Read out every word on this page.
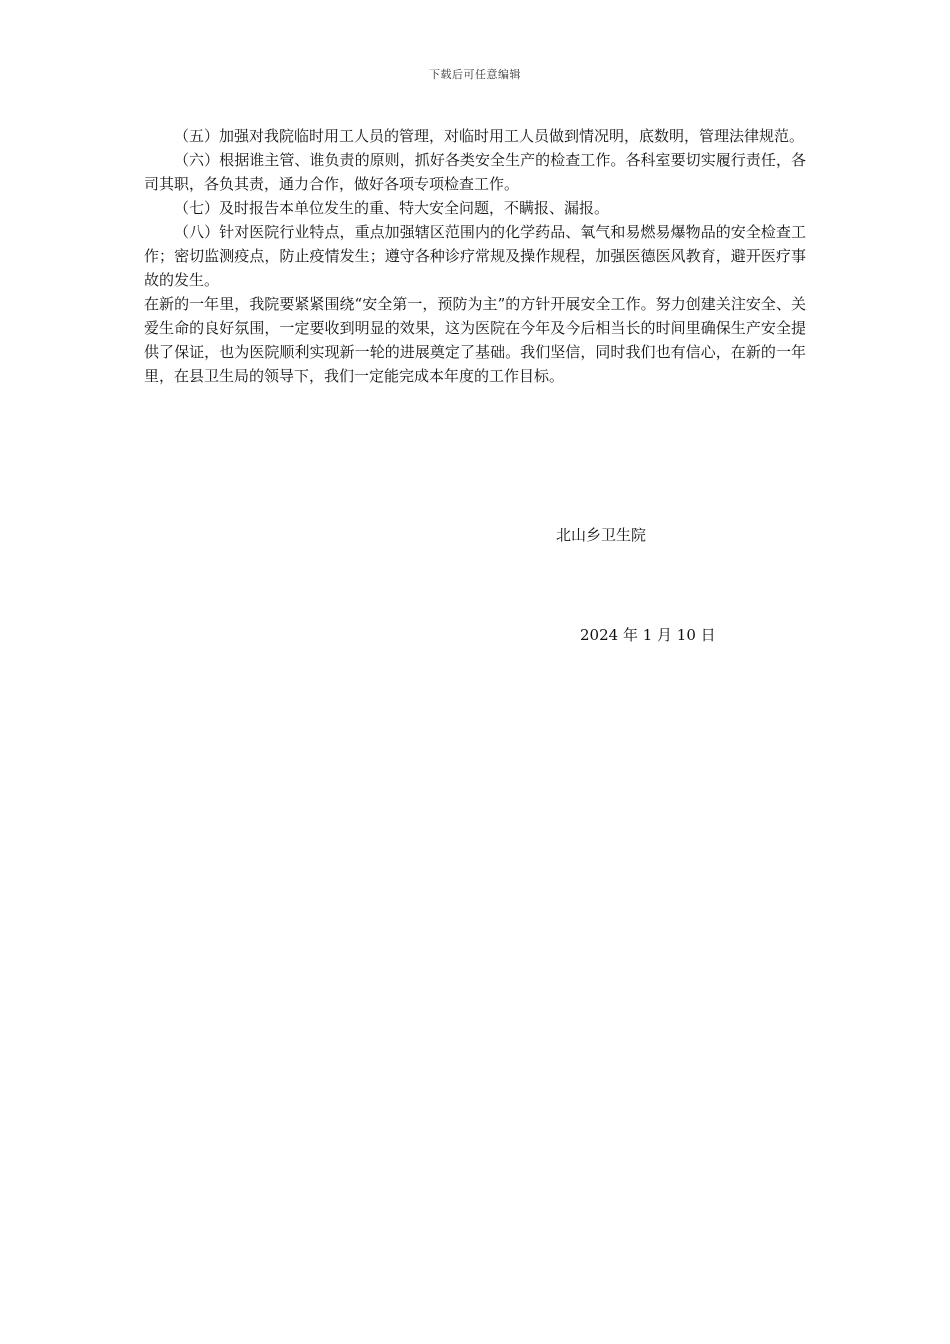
下载后可任意编辑

（五）加强对我院临时用工人员的管理，对临时用工人员做到情况明，底数明，管理法律规范。

（六）根据谁主管、谁负责的原则，抓好各类安全生产的检查工作。各科室要切实履行责任，各司其职，各负其责，通力合作，做好各项专项检查工作。

（七）及时报告本单位发生的重、特大安全问题，不瞒报、漏报。

（八）针对医院行业特点，重点加强辖区范围内的化学药品、氧气和易燃易爆物品的安全检查工作；密切监测疫点，防止疫情发生；遵守各种诊疗常规及操作规程，加强医德医风教育，避开医疗事故的发生。

在新的一年里，我院要紧紧围绕“安全第一，预防为主”的方针开展安全工作。努力创建关注安全、关爱生命的良好氛围，一定要收到明显的效果，这为医院在今年及今后相当长的时间里确保生产安全提供了保证，也为医院顺利实现新一轮的进展奠定了基础。我们坚信，同时我们也有信心，在新的一年里，在县卫生局的领导下，我们一定能完成本年度的工作目标。

北山乡卫生院
2024 年 1 月 10 日
